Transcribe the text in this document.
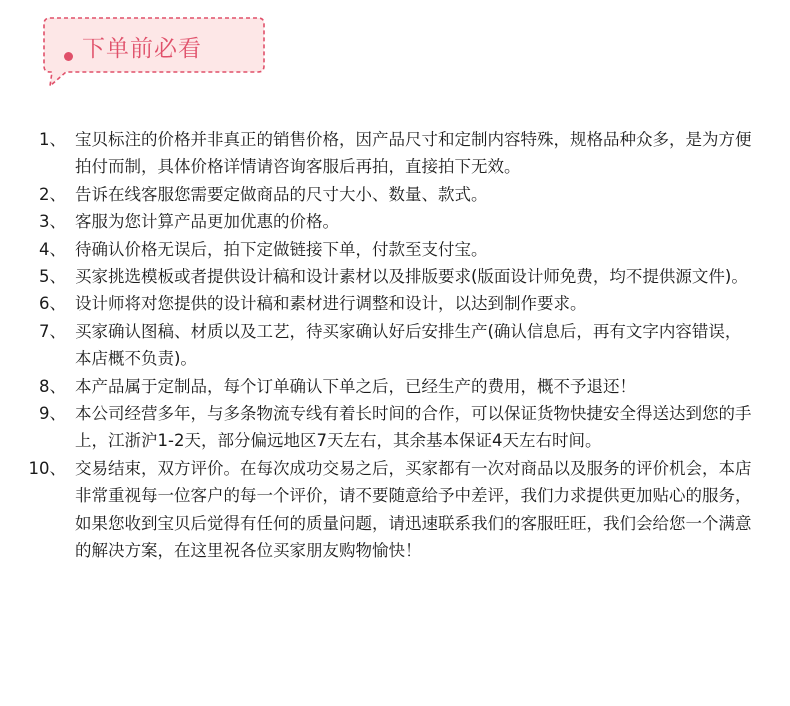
下单前必看
1、 宝贝标注的价格并非真正的销售价格，因产品尺寸和定制内容特殊，规格品种众多，是为方便拍付而制，具体价格详情请咨询客服后再拍，直接拍下无效。
2、 告诉在线客服您需要定做商品的尺寸大小、数量、款式。
3、 客服为您计算产品更加优惠的价格。
4、 待确认价格无误后，拍下定做链接下单，付款至支付宝。
5、 买家挑选模板或者提供设计稿和设计素材以及排版要求(版面设计师免费，均不提供源文件)。
6、 设计师将对您提供的设计稿和素材进行调整和设计，以达到制作要求。
7、 买家确认图稿、材质以及工艺，待买家确认好后安排生产(确认信息后，再有文字内容错误，本店概不负责)。
8、 本产品属于定制品，每个订单确认下单之后，已经生产的费用，概不予退还！
9、 本公司经营多年，与多条物流专线有着长时间的合作，可以保证货物快捷安全得送达到您的手上，江浙沪1-2天，部分偏远地区7天左右，其余基本保证4天左右时间。
10、 交易结束，双方评价。在每次成功交易之后，买家都有一次对商品以及服务的评价机会，本店非常重视每一位客户的每一个评价，请不要随意给予中差评，我们力求提供更加贴心的服务，如果您收到宝贝后觉得有任何的质量问题，请迅速联系我们的客服旺旺，我们会给您一个满意的解决方案，在这里祝各位买家朋友购物愉快！
